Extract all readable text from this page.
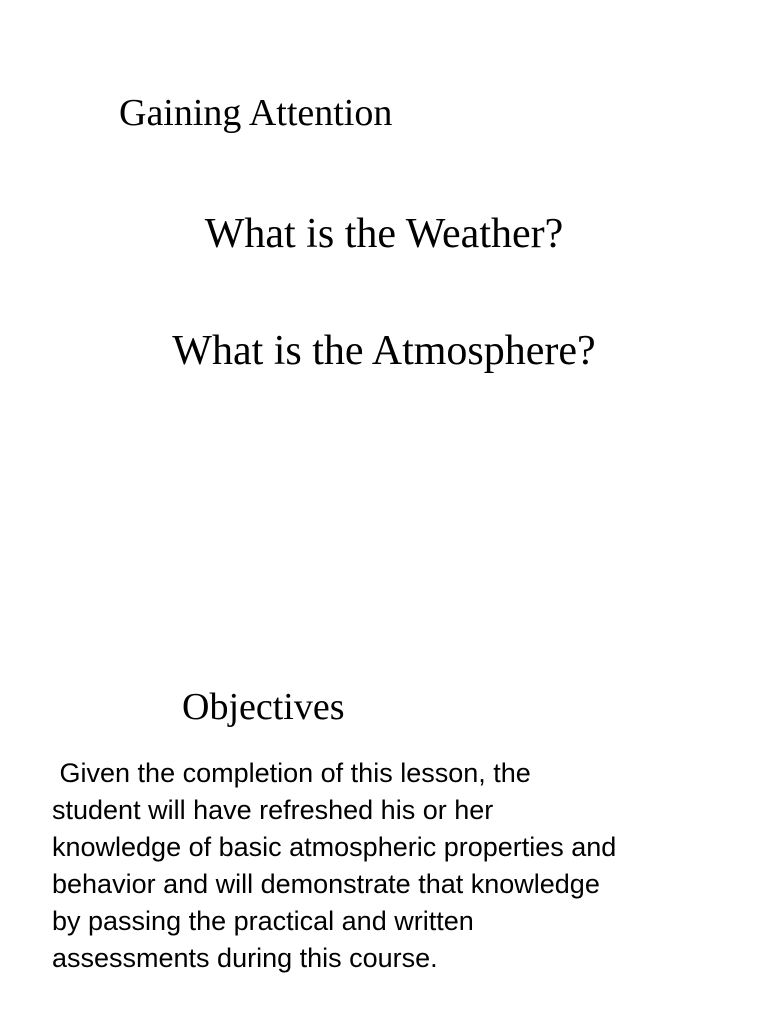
Gaining Attention
What is the Weather?
What is the Atmosphere?
Objectives

Given the completion of this lesson, the
student will have refreshed his or her
knowledge of basic atmospheric properties and
behavior and will demonstrate that knowledge
by passing the practical and written
assessments during this course.
